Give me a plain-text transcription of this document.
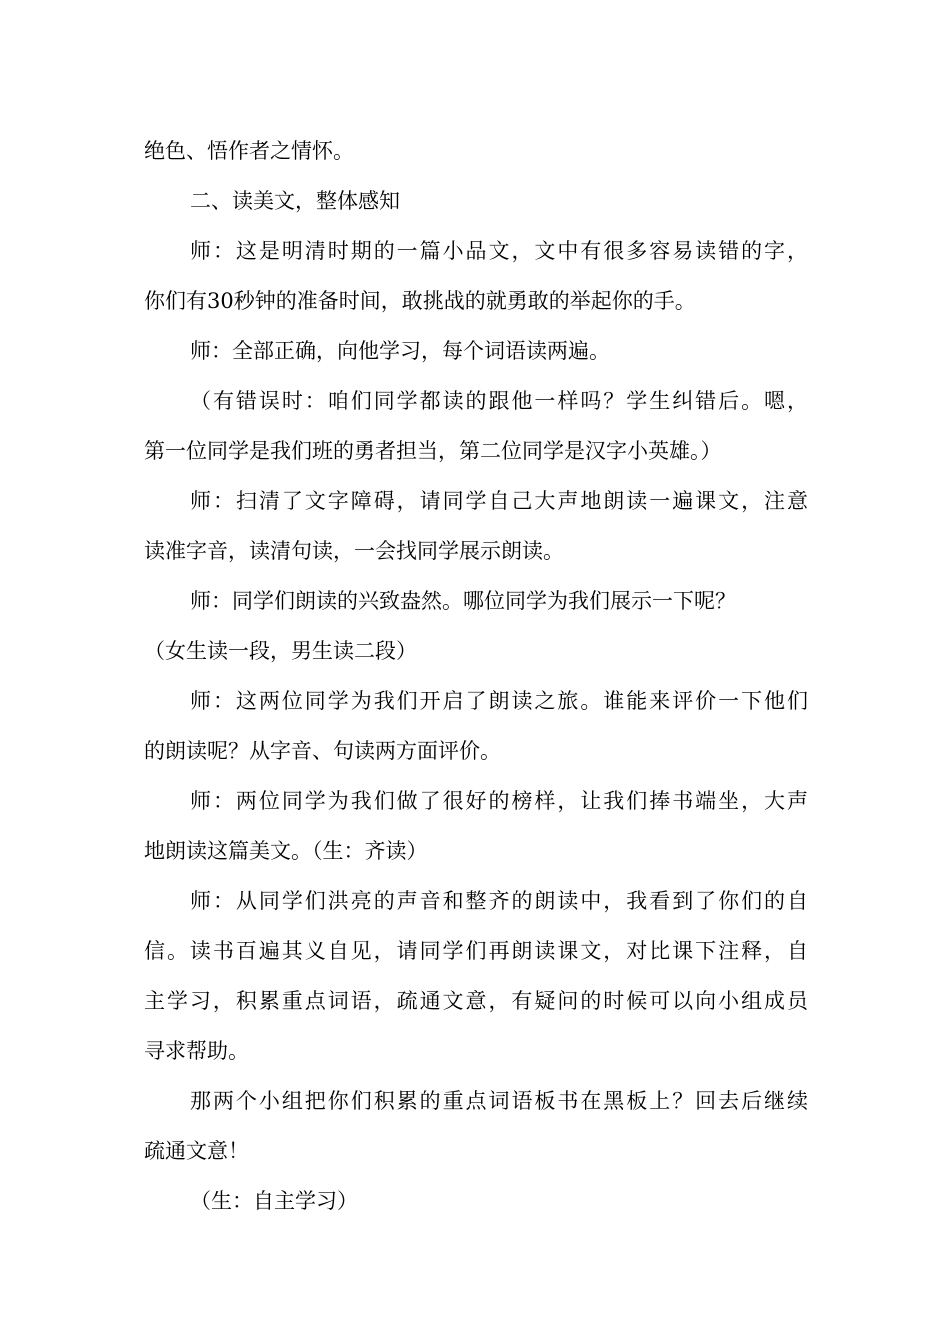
绝色、悟作者之情怀。
二、读美文，整体感知
师：这是明清时期的一篇小品文，文中有很多容易读错的字，
你们有30秒钟的准备时间，敢挑战的就勇敢的举起你的手。
师：全部正确，向他学习，每个词语读两遍。
（有错误时：咱们同学都读的跟他一样吗？学生纠错后。嗯，
第一位同学是我们班的勇者担当，第二位同学是汉字小英雄。）
师：扫清了文字障碍，请同学自己大声地朗读一遍课文，注意
读准字音，读清句读，一会找同学展示朗读。
师：同学们朗读的兴致盎然。哪位同学为我们展示一下呢？
（女生读一段，男生读二段）
师：这两位同学为我们开启了朗读之旅。谁能来评价一下他们
的朗读呢？从字音、句读两方面评价。
师：两位同学为我们做了很好的榜样，让我们捧书端坐，大声
地朗读这篇美文。（生：齐读）
师：从同学们洪亮的声音和整齐的朗读中，我看到了你们的自
信。读书百遍其义自见，请同学们再朗读课文，对比课下注释，自
主学习，积累重点词语，疏通文意，有疑问的时候可以向小组成员
寻求帮助。
那两个小组把你们积累的重点词语板书在黑板上？回去后继续
疏通文意！
（生：自主学习）
